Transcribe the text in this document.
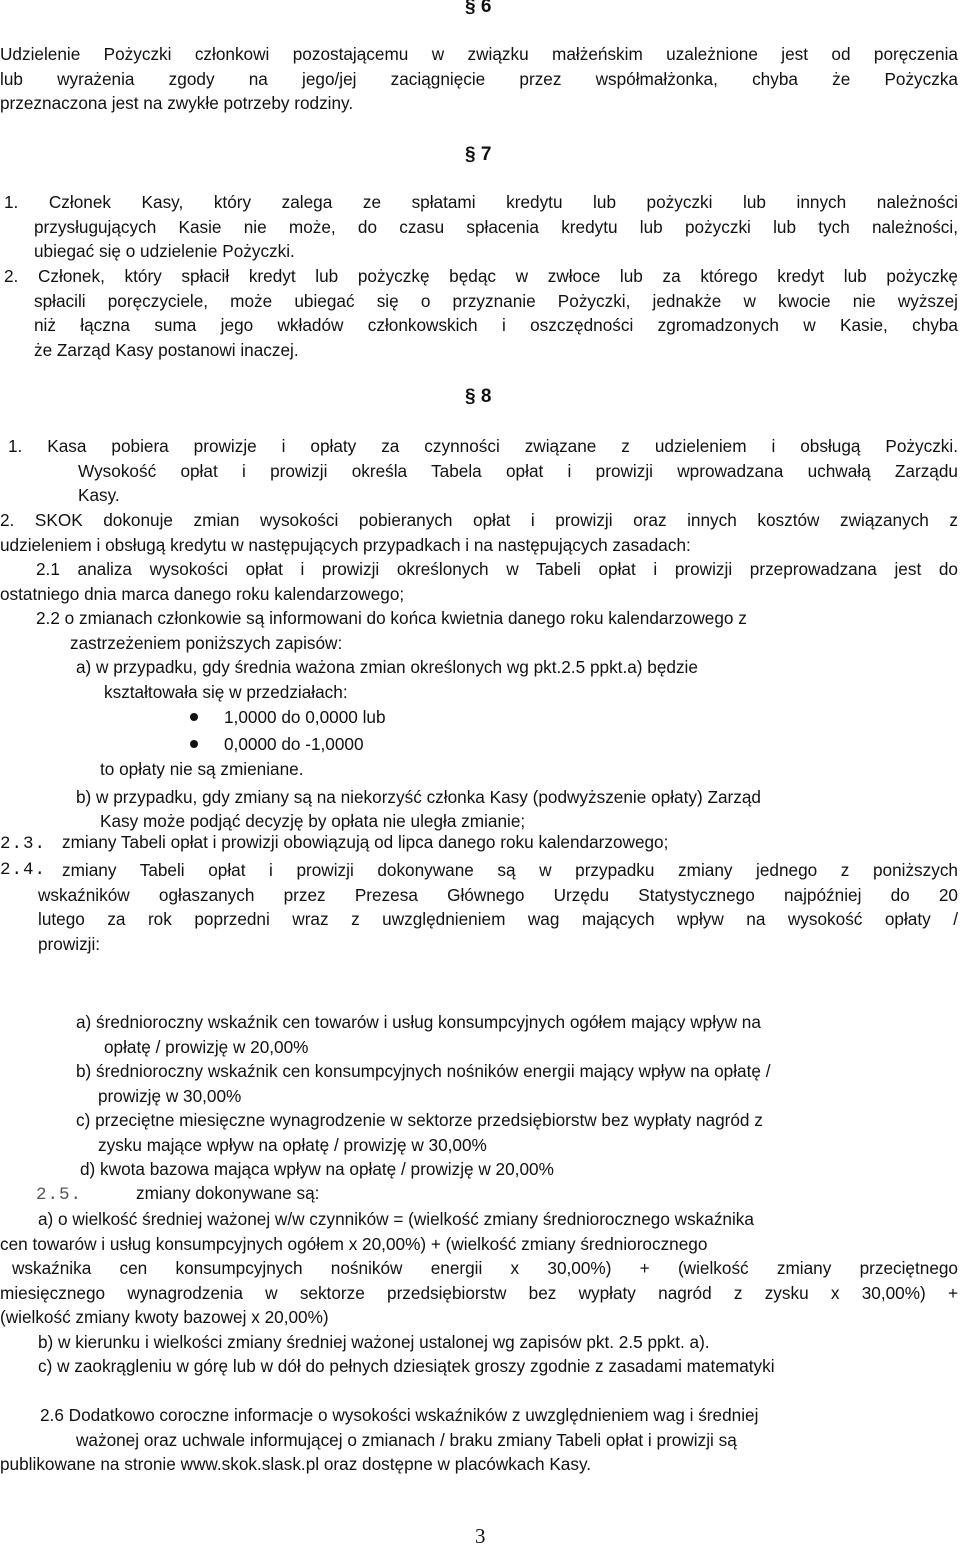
§ 6
Udzielenie Pożyczki członkowi pozostającemu w związku małżeńskim uzależnione jest od poręczenia
lub wyrażenia zgody na jego/jej zaciągnięcie przez współmałżonka, chyba że Pożyczka
przeznaczona jest na zwykłe potrzeby rodziny.
§ 7
1. Członek Kasy, który zalega ze spłatami kredytu lub pożyczki lub innych należności
przysługujących Kasie nie może, do czasu spłacenia kredytu lub pożyczki lub tych należności,
ubiegać się o udzielenie Pożyczki.
2. Członek, który spłacił kredyt lub pożyczkę będąc w zwłoce lub za którego kredyt lub pożyczkę
spłacili poręczyciele, może ubiegać się o przyznanie Pożyczki, jednakże w kwocie nie wyższej
niż łączna suma jego wkładów członkowskich i oszczędności zgromadzonych w Kasie, chyba
że Zarząd Kasy postanowi inaczej.
§ 8
1. Kasa pobiera prowizje i opłaty za czynności związane z udzieleniem i obsługą Pożyczki.
Wysokość opłat i prowizji określa Tabela opłat i prowizji wprowadzana uchwałą Zarządu
Kasy.
2. SKOK dokonuje zmian wysokości pobieranych opłat i prowizji oraz innych kosztów związanych z
udzieleniem i obsługą kredytu w następujących przypadkach i na następujących zasadach:
2.1 analiza wysokości opłat i prowizji określonych w Tabeli opłat i prowizji przeprowadzana jest do
ostatniego dnia marca danego roku kalendarzowego;
2.2 o zmianach członkowie są informowani do końca kwietnia danego roku kalendarzowego z
zastrzeżeniem poniższych zapisów:
a) w przypadku, gdy średnia ważona zmian określonych wg pkt.2.5 ppkt.a) będzie
kształtowała się w przedziałach:
1,0000 do 0,0000 lub
0,0000 do -1,0000
to opłaty nie są zmieniane.
b) w przypadku, gdy zmiany są na niekorzyść członka Kasy (podwyższenie opłaty) Zarząd
Kasy może podjąć decyzję by opłata nie uległa zmianie;
2.3. zmiany Tabeli opłat i prowizji obowiązują od lipca danego roku kalendarzowego;
2.4. zmiany Tabeli opłat i prowizji dokonywane są w przypadku zmiany jednego z poniższych
wskaźników ogłaszanych przez Prezesa Głównego Urzędu Statystycznego najpóźniej do 20
lutego za rok poprzedni wraz z uwzględnieniem wag mających wpływ na wysokość opłaty /
prowizji:
a) średnioroczny wskaźnik cen towarów i usług konsumpcyjnych ogółem mający wpływ na
opłatę / prowizję w 20,00%
b) średnioroczny wskaźnik cen konsumpcyjnych nośników energii mający wpływ na opłatę /
prowizję w 30,00%
c) przeciętne miesięczne wynagrodzenie w sektorze przedsiębiorstw bez wypłaty nagród z
zysku mające wpływ na opłatę / prowizję w 30,00%
d) kwota bazowa mająca wpływ na opłatę / prowizję w 20,00%
2.5.	zmiany dokonywane są:
a) o wielkość średniej ważonej w/w czynników = (wielkość zmiany średniorocznego wskaźnika
cen towarów i usług konsumpcyjnych ogółem x 20,00%) + (wielkość zmiany średniorocznego
wskaźnika cen konsumpcyjnych nośników energii x 30,00%) + (wielkość zmiany przeciętnego
miesięcznego wynagrodzenia w sektorze przedsiębiorstw bez wypłaty nagród z zysku x 30,00%) +
(wielkość zmiany kwoty bazowej x 20,00%)
b) w kierunku i wielkości zmiany średniej ważonej ustalonej wg zapisów pkt. 2.5 ppkt. a).
c) w zaokrągleniu w górę lub w dół do pełnych dziesiątek groszy zgodnie z zasadami matematyki
2.6 Dodatkowo coroczne informacje o wysokości wskaźników z uwzględnieniem wag i średniej
ważonej oraz uchwale informującej o zmianach / braku zmiany Tabeli opłat i prowizji są
publikowane na stronie www.skok.slask.pl oraz dostępne w placówkach Kasy.
3
